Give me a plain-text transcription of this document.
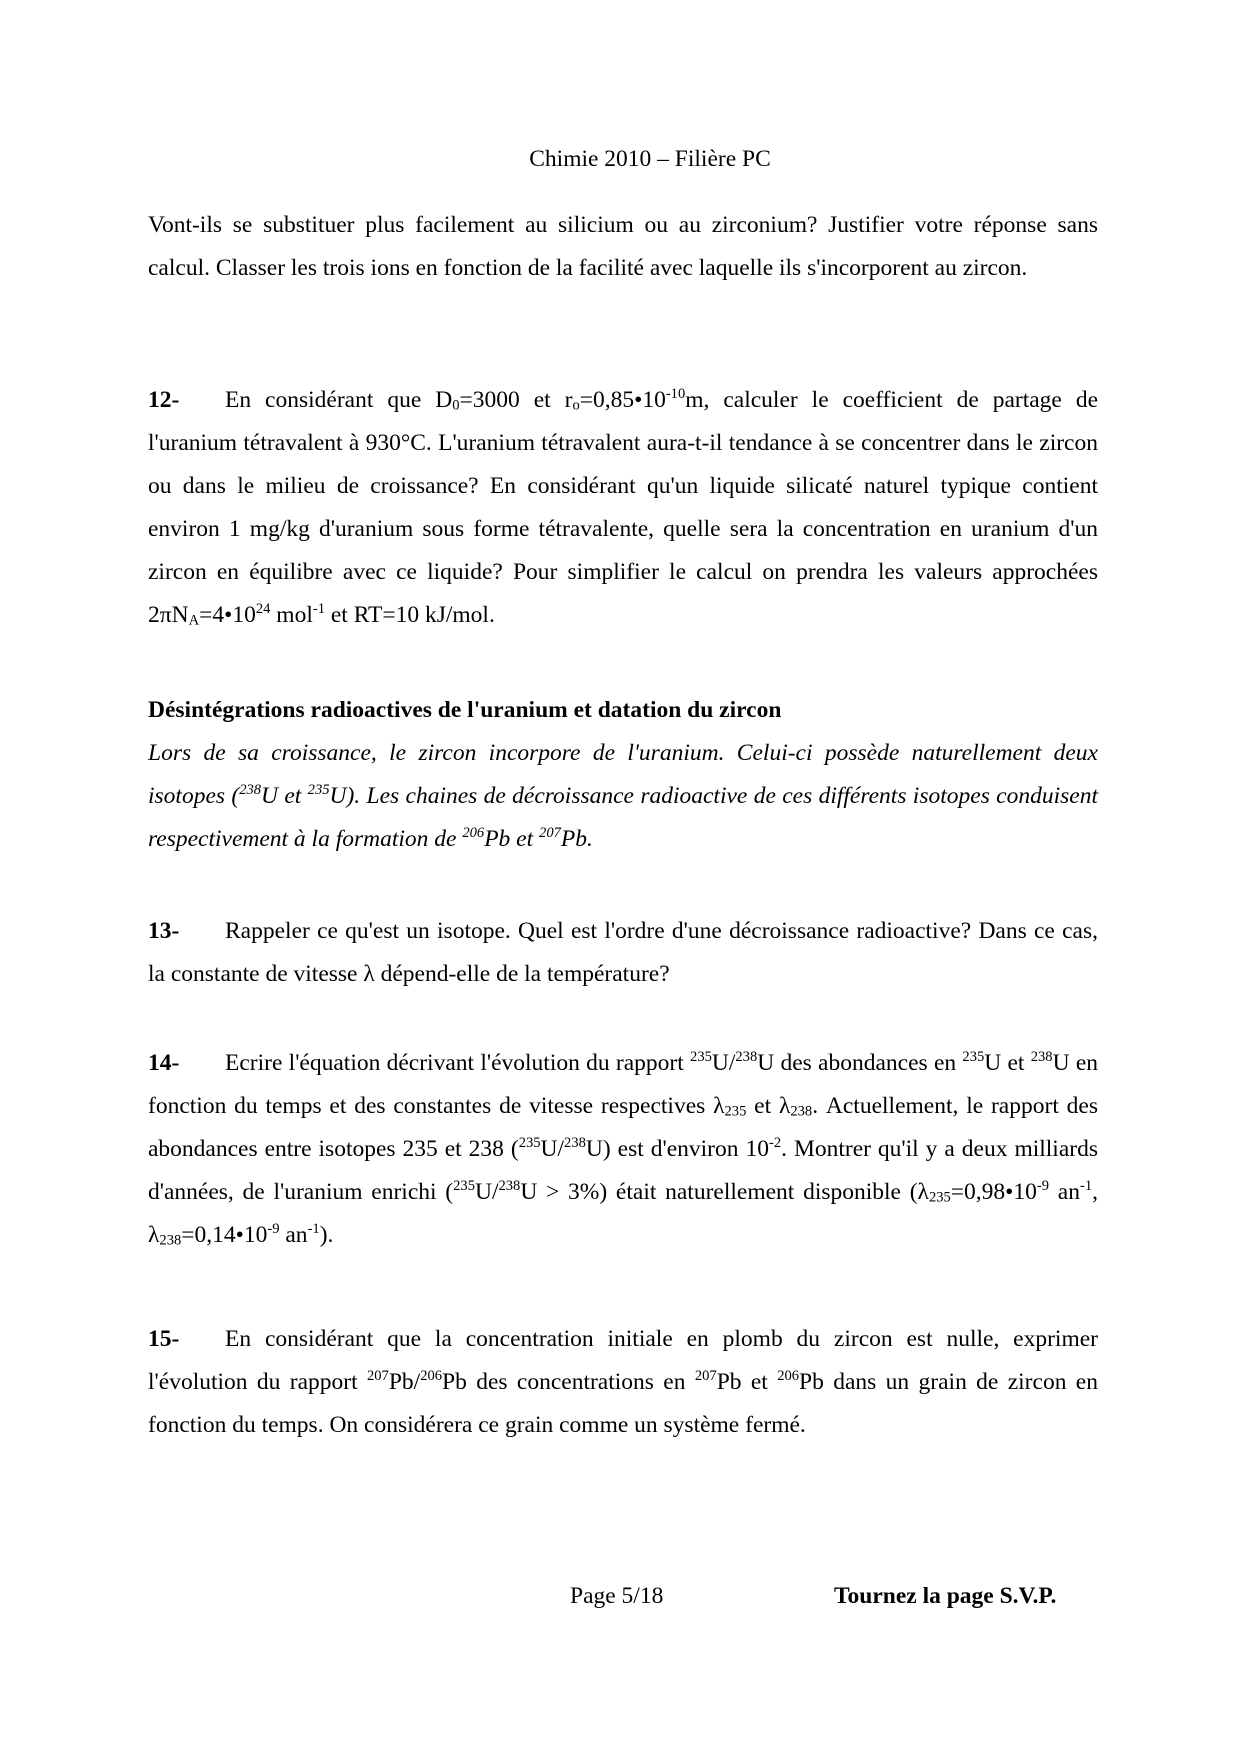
Chimie 2010 – Filière PC

Vont-ils se substituer plus facilement au silicium ou au zirconium? Justifier votre réponse sans calcul. Classer les trois ions en fonction de la facilité avec laquelle ils s'incorporent au zircon.

12- En considérant que $D_0=3000$ et $r_o=0,85•10^{-10}m$, calculer le coefficient de partage de l'uranium tétravalent à 930°C. L'uranium tétravalent aura-t-il tendance à se concentrer dans le zircon ou dans le milieu de croissance? En considérant qu'un liquide silicaté naturel typique contient environ 1 mg/kg d'uranium sous forme tétravalente, quelle sera la concentration en uranium d'un zircon en équilibre avec ce liquide? Pour simplifier le calcul on prendra les valeurs approchées $2\pi N_A=4•10^{24}$ mol$^{-1}$ et RT=10 kJ/mol.

Désintégrations radioactives de l'uranium et datation du zircon
Lors de sa croissance, le zircon incorpore de l'uranium. Celui-ci possède naturellement deux isotopes ($^{238}$U et $^{235}$U). Les chaines de décroissance radioactive de ces différents isotopes conduisent respectivement à la formation de $^{206}$Pb et $^{207}$Pb.

13- Rappeler ce qu'est un isotope. Quel est l'ordre d'une décroissance radioactive? Dans ce cas, la constante de vitesse λ dépend-elle de la température?

14- Ecrire l'équation décrivant l'évolution du rapport $^{235}$U/$^{238}$U des abondances en $^{235}$U et $^{238}$U en fonction du temps et des constantes de vitesse respectives $\lambda_{235}$ et $\lambda_{238}$. Actuellement, le rapport des abondances entre isotopes 235 et 238 ($^{235}$U/$^{238}$U) est d'environ $10^{-2}$. Montrer qu'il y a deux milliards d'années, de l'uranium enrichi ($^{235}$U/$^{238}$U > 3%) était naturellement disponible ($\lambda_{235}=0,98•10^{-9}$ $an^{-1}$, $\lambda_{238}=0,14•10^{-9}$ $an^{-1}$).

15- En considérant que la concentration initiale en plomb du zircon est nulle, exprimer l'évolution du rapport $^{207}$Pb/$^{206}$Pb des concentrations en $^{207}$Pb et $^{206}$Pb dans un grain de zircon en fonction du temps. On considérera ce grain comme un système fermé.

Page 5/18	Tournez la page S.V.P.
